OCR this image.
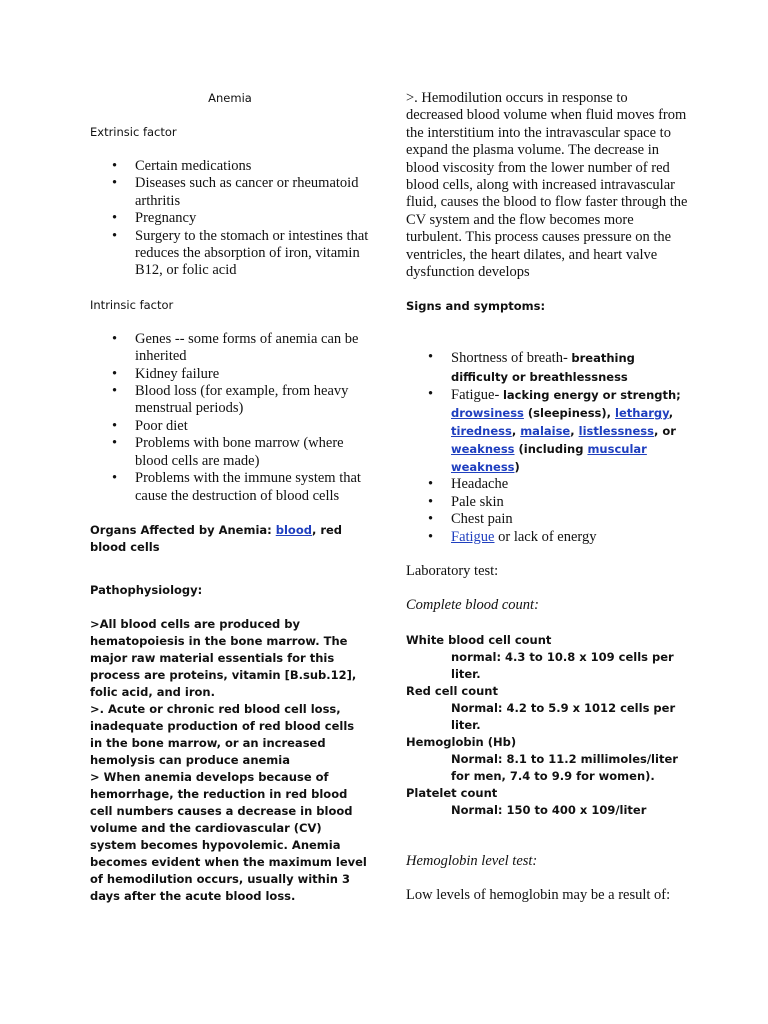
Anemia
Extrinsic factor
• Certain medications
• Diseases such as cancer or rheumatoid arthritis
• Pregnancy
• Surgery to the stomach or intestines that reduces the absorption of iron, vitamin B12, or folic acid
Intrinsic factor
• Genes -- some forms of anemia can be inherited
• Kidney failure
• Blood loss (for example, from heavy menstrual periods)
• Poor diet
• Problems with bone marrow (where blood cells are made)
• Problems with the immune system that cause the destruction of blood cells

Organs Affected by Anemia: blood, red blood cells

Pathophysiology:

>All blood cells are produced by hematopoiesis in the bone marrow. The major raw material essentials for this process are proteins, vitamin [B.sub.12], folic acid, and iron.

>. Acute or chronic red blood cell loss, inadequate production of red blood cells in the bone marrow, or an increased hemolysis can produce anemia

> When anemia develops because of hemorrhage, the reduction in red blood cell numbers causes a decrease in blood volume and the cardiovascular (CV) system becomes hypovolemic. Anemia becomes evident when the maximum level of hemodilution occurs, usually within 3 days after the acute blood loss.

>. Hemodilution occurs in response to decreased blood volume when fluid moves from the interstitium into the intravascular space to expand the plasma volume. The decrease in blood viscosity from the lower number of red blood cells, along with increased intravascular fluid, causes the blood to flow faster through the CV system and the flow becomes more turbulent. This process causes pressure on the ventricles, the heart dilates, and heart valve dysfunction develops

Signs and symptoms:
• Shortness of breath- breathing difficulty or breathlessness
• Fatigue- lacking energy or strength; drowsiness (sleepiness), lethargy, tiredness, malaise, listlessness, or weakness (including muscular weakness)
• Headache
• Pale skin
• Chest pain
• Fatigue or lack of energy

Laboratory test:

Complete blood count:

White blood cell count

normal: 4.3 to 10.8 x 109 cells per liter.

Red cell count

Normal: 4.2 to 5.9 x 1012 cells per liter.

Hemoglobin (Hb)

Normal: 8.1 to 11.2 millimoles/liter for men, 7.4 to 9.9 for women).

Platelet count

Normal: 150 to 400 x 109/liter

Hemoglobin level test:

Low levels of hemoglobin may be a result of:
